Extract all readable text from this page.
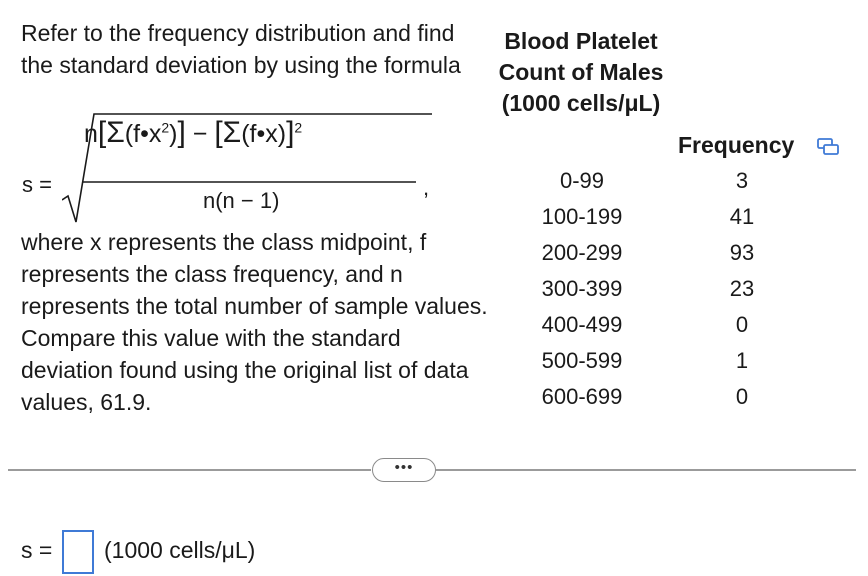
Refer to the frequency distribution and find the standard deviation by using the formula
s =
$n[\Sigma(f•x^2)]$ − [Σ(f•x)]$^2$
n(n − 1)
,
where x represents the class midpoint, f represents the class frequency, and n represents the total number of sample values. Compare this value with the standard deviation found using the original list of data values, 61.9.
Blood Platelet Count of Males (1000 cells/μL)
Frequency
0-99	3
100-199	41
200-299	93
300-399	23
400-499	0
500-599	1
600-699	0
•••
s = (1000 cells/μL)
